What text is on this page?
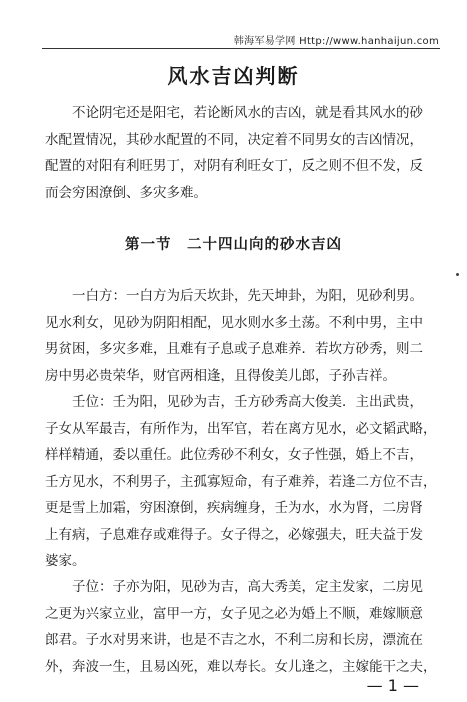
韩海军易学网 Http://www.hanhaijun.com
风水吉凶判断
不论阴宅还是阳宅，若论断风水的吉凶，就是看其风水的砂
水配置情况，其砂水配置的不同，决定着不同男女的吉凶情况，
配置的对阳有利旺男丁，对阴有利旺女丁，反之则不但不发，反
而会穷困潦倒、多灾多难。
第一节　二十四山向的砂水吉凶
一白方：一白方为后天坎卦，先天坤卦，为阳，见砂利男。
见水利女，见砂为阴阳相配，见水则水多土荡。不利中男，主中
男贫困，多灾多难，且难有子息或子息难养．若坎方砂秀，则二
房中男必贵荣华，财官两相逢，且得俊美儿郎，子孙吉祥。
壬位：壬为阳，见砂为吉，壬方砂秀高大俊美．主出武贵，
子女从军最吉，有所作为，出军官，若在离方见水，必文韬武略，
样样精通，委以重任。此位秀砂不利女，女子性强，婚上不吉，
壬方见水，不利男子，主孤寡短命，有子难养，若逢二方位不吉，
更是雪上加霜，穷困潦倒，疾病缠身，壬为水，水为肾，二房肾
上有病，子息难存或难得子。女子得之，必嫁强夫，旺夫益于发
婆家。
子位：子亦为阳，见砂为吉，高大秀美，定主发家，二房见
之更为兴家立业，富甲一方，女子见之必为婚上不顺，难嫁顺意
郎君。子水对男来讲，也是不吉之水，不利二房和长房，漂流在
外，奔波一生，且易凶死，难以寿长。女儿逢之，主嫁能干之夫，
— 1 —
